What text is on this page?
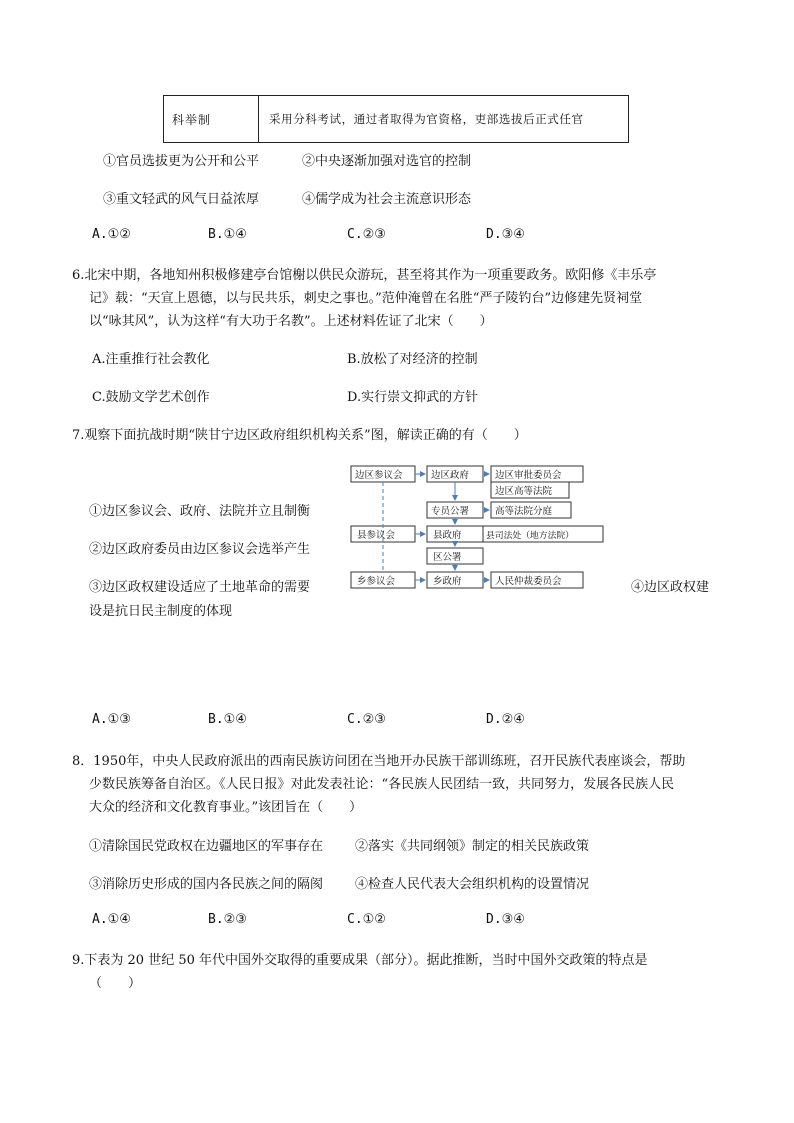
科举制	采用分科考试，通过者取得为官资格，吏部选拔后正式任官
①官员选拔更为公开和公平	②中央逐渐加强对选官的控制
③重文轻武的风气日益浓厚	④儒学成为社会主流意识形态
A.①②	B.①④	C.②③	D.③④
6.北宋中期，各地知州积极修建亭台馆榭以供民众游玩，甚至将其作为一项重要政务。欧阳修《丰乐亭
记》载：“天宣上恩德，以与民共乐，刺史之事也。”范仲淹曾在名胜“严子陵钓台”边修建先贤祠堂
以“咏其风”，认为这样“有大功于名教”。上述材料佐证了北宋（　　）
A.注重推行社会教化	B.放松了对经济的控制
C.鼓励文学艺术创作	D.实行崇文抑武的方针
7.观察下面抗战时期“陕甘宁边区政府组织机构关系”图，解读正确的有（　　）
①边区参议会、政府、法院并立且制衡
②边区政府委员由边区参议会选举产生
③边区政权建设适应了土地革命的需要	④边区政权建
设是抗日民主制度的体现
边区参议会	边区政府	边区审批委员会
边区高等法院
专员公署	高等法院分庭
县参议会	县政府	县司法处（地方法院）
区公署
乡参议会	乡政府	人民仲裁委员会
A.①③	B.①④	C.②③	D.②④
8．1950年，中央人民政府派出的西南民族访问团在当地开办民族干部训练班，召开民族代表座谈会，帮助
少数民族筹备自治区。《人民日报》对此发表社论：“各民族人民团结一致，共同努力，发展各民族人民
大众的经济和文化教育事业。”该团旨在（　　）
①清除国民党政权在边疆地区的军事存在 ②落实《共同纲领》制定的相关民族政策
③消除历史形成的国内各民族之间的隔阂 ④检查人民代表大会组织机构的设置情况
A.①④	B.②③	C.①②	D.③④
9.下表为 20 世纪 50 年代中国外交取得的重要成果（部分）。据此推断，当时中国外交政策的特点是
（　　）
